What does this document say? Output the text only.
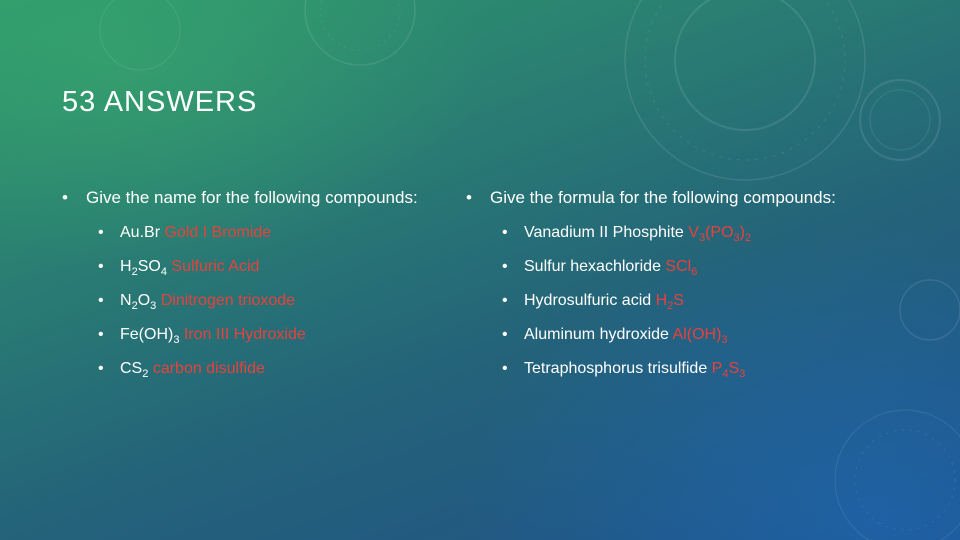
53 ANSWERS

• Give the name for the following compounds:

• Au.Br Gold I Bromide
• $H_2SO_4$ Sulfuric Acid
• $N_2O_3$ Dinitrogen trioxode
• $Fe(OH)_3$ Iron III Hydroxide
• $CS_2$ carbon disulfide

• Give the formula for the following compounds:

• Vanadium II Phosphite $V_3(PO_3)_2$
• Sulfur hexachloride SCl$_6$
• Hydrosulfuric acid $H_2S$
• Aluminum hydroxide $Al(OH)_3$
• Tetraphosphorus trisulfide $P_4S_3$
